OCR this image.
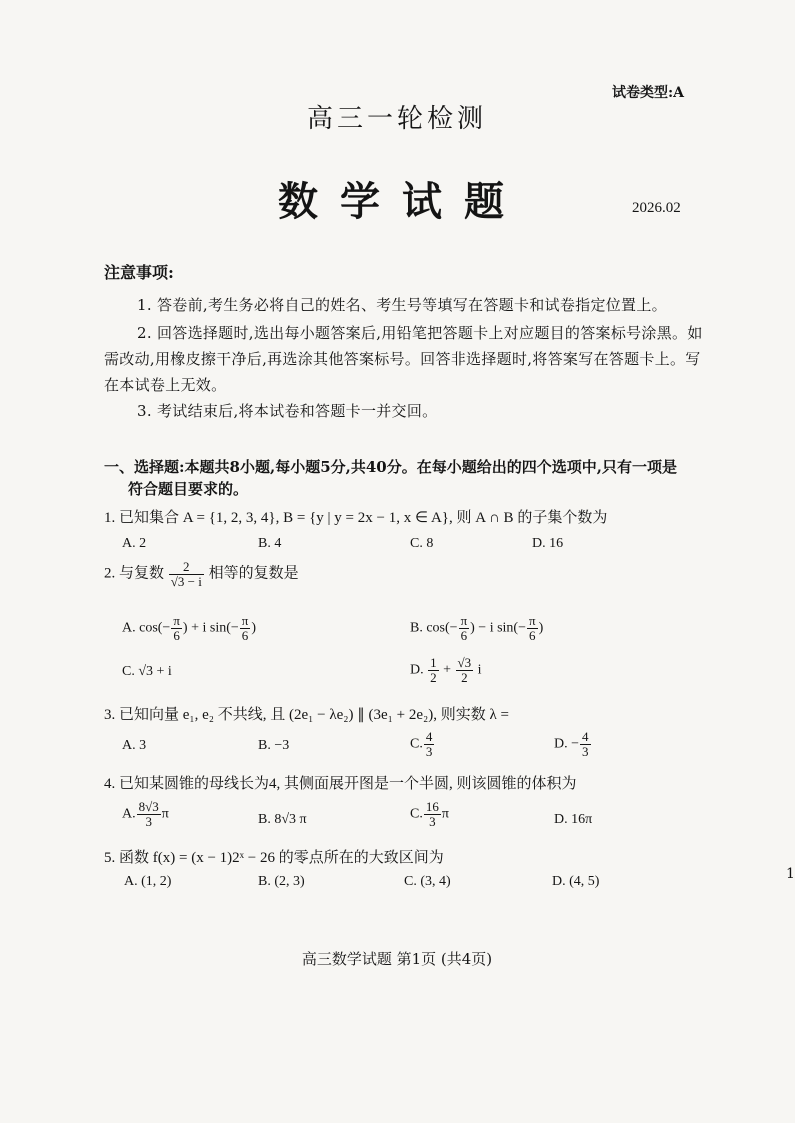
试卷类型:A
高三一轮检测
数学试题	2026.02
注意事项:
1. 答卷前,考生务必将自己的姓名、考生号等填写在答题卡和试卷指定位置上。
2. 回答选择题时,选出每小题答案后,用铅笔把答题卡上对应题目的答案标号涂黑。如需改动,用橡皮擦干净后,再选涂其他答案标号。回答非选择题时,将答案写在答题卡上。写在本试卷上无效。
3. 考试结束后,将本试卷和答题卡一并交回。
一、选择题:本题共8小题,每小题5分,共40分。在每小题给出的四个选项中,只有一项是
符合题目要求的。
1. 已知集合 A = {1, 2, 3, 4}, B = {y | y = 2x − 1, x ∈ A}, 则 A ∩ B 的子集个数为
A. 2	B. 4	C. 8	D. 16
2. 与复数 $\frac{2}{√3 - i}$ 相等的复数是
A. $\cos(- \frac{\pi}{6}$ ) + i $\sin(- \frac{\pi}{6}$ )	B. $\cos(- \frac{\pi}{6}$ ) − i $\sin(- \frac{\pi}{6}$ )
C. √3 + i	D. $\frac{1}{2} + \frac{√3}{2}$ i
3. 已知向量 e₁, e₂ 不共线, 且 (2e₁ − λe₂) ∥ (3e₁ + 2e₂), 则实数 λ =
A. 3	B. −3	C. $\frac{4}{3}$	D. − $\frac{4}{3}$
4. 已知某圆锥的母线长为4, 其侧面展开图是一个半圆, 则该圆锥的体积为
A. $\frac{8√3}{3}$ π	B. 8√3 π	C. $\frac{16}{3}$ π	D. 16π
5. 函数 f(x) = (x − 1)2ˣ − 26 的零点所在的大致区间为
A. (1, 2)	B. (2, 3)	C. (3, 4)	D. (4, 5)
高三数学试题 第1页 (共4页)
1
